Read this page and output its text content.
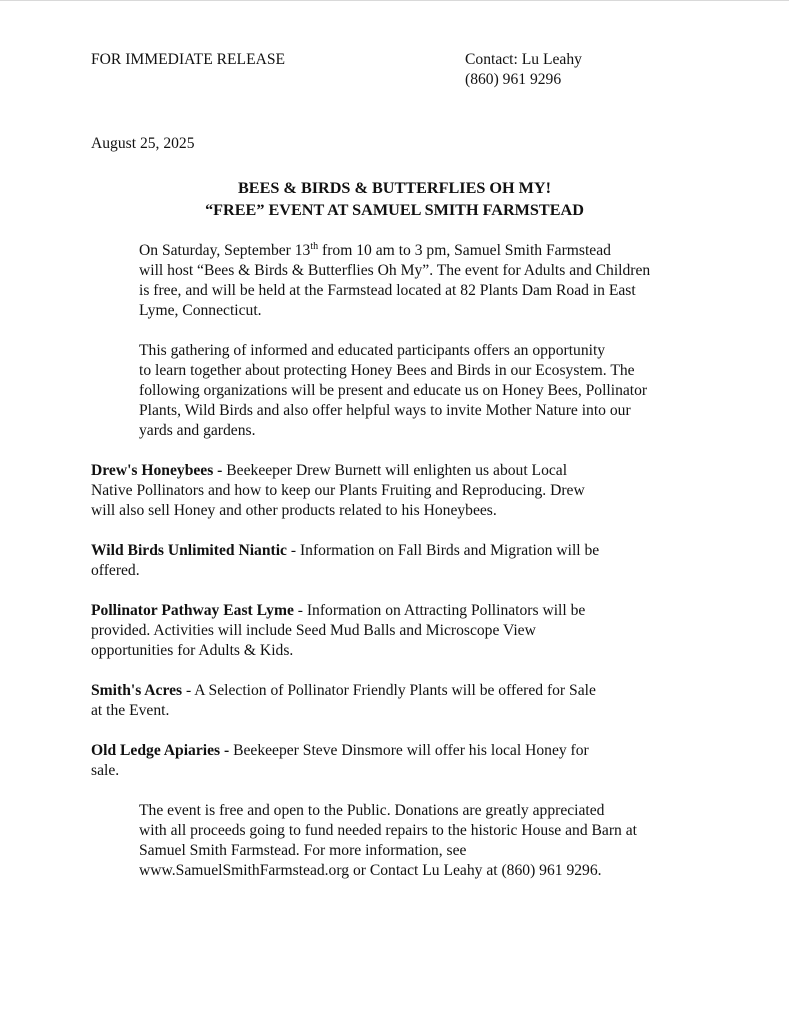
FOR IMMEDIATE RELEASE	Contact: Lu Leahy
(860) 961 9296
August 25, 2025
BEES & BIRDS & BUTTERFLIES OH MY!
“FREE” EVENT AT SAMUEL SMITH FARMSTEAD

On Saturday, September 13th from 10 am to 3 pm, Samuel Smith Farmstead
will host “Bees & Birds & Butterflies Oh My”. The event for Adults and Children
is free, and will be held at the Farmstead located at 82 Plants Dam Road in East
Lyme, Connecticut.

This gathering of informed and educated participants offers an opportunity
to learn together about protecting Honey Bees and Birds in our Ecosystem. The
following organizations will be present and educate us on Honey Bees, Pollinator
Plants, Wild Birds and also offer helpful ways to invite Mother Nature into our
yards and gardens.

Drew's Honeybees - Beekeeper Drew Burnett will enlighten us about Local
Native Pollinators and how to keep our Plants Fruiting and Reproducing. Drew
will also sell Honey and other products related to his Honeybees.

Wild Birds Unlimited Niantic - Information on Fall Birds and Migration will be
offered.

Pollinator Pathway East Lyme - Information on Attracting Pollinators will be
provided. Activities will include Seed Mud Balls and Microscope View
opportunities for Adults & Kids.

Smith's Acres - A Selection of Pollinator Friendly Plants will be offered for Sale
at the Event.

Old Ledge Apiaries - Beekeeper Steve Dinsmore will offer his local Honey for
sale.

The event is free and open to the Public. Donations are greatly appreciated
with all proceeds going to fund needed repairs to the historic House and Barn at
Samuel Smith Farmstead. For more information, see
www.SamuelSmithFarmstead.org or Contact Lu Leahy at (860) 961 9296.
